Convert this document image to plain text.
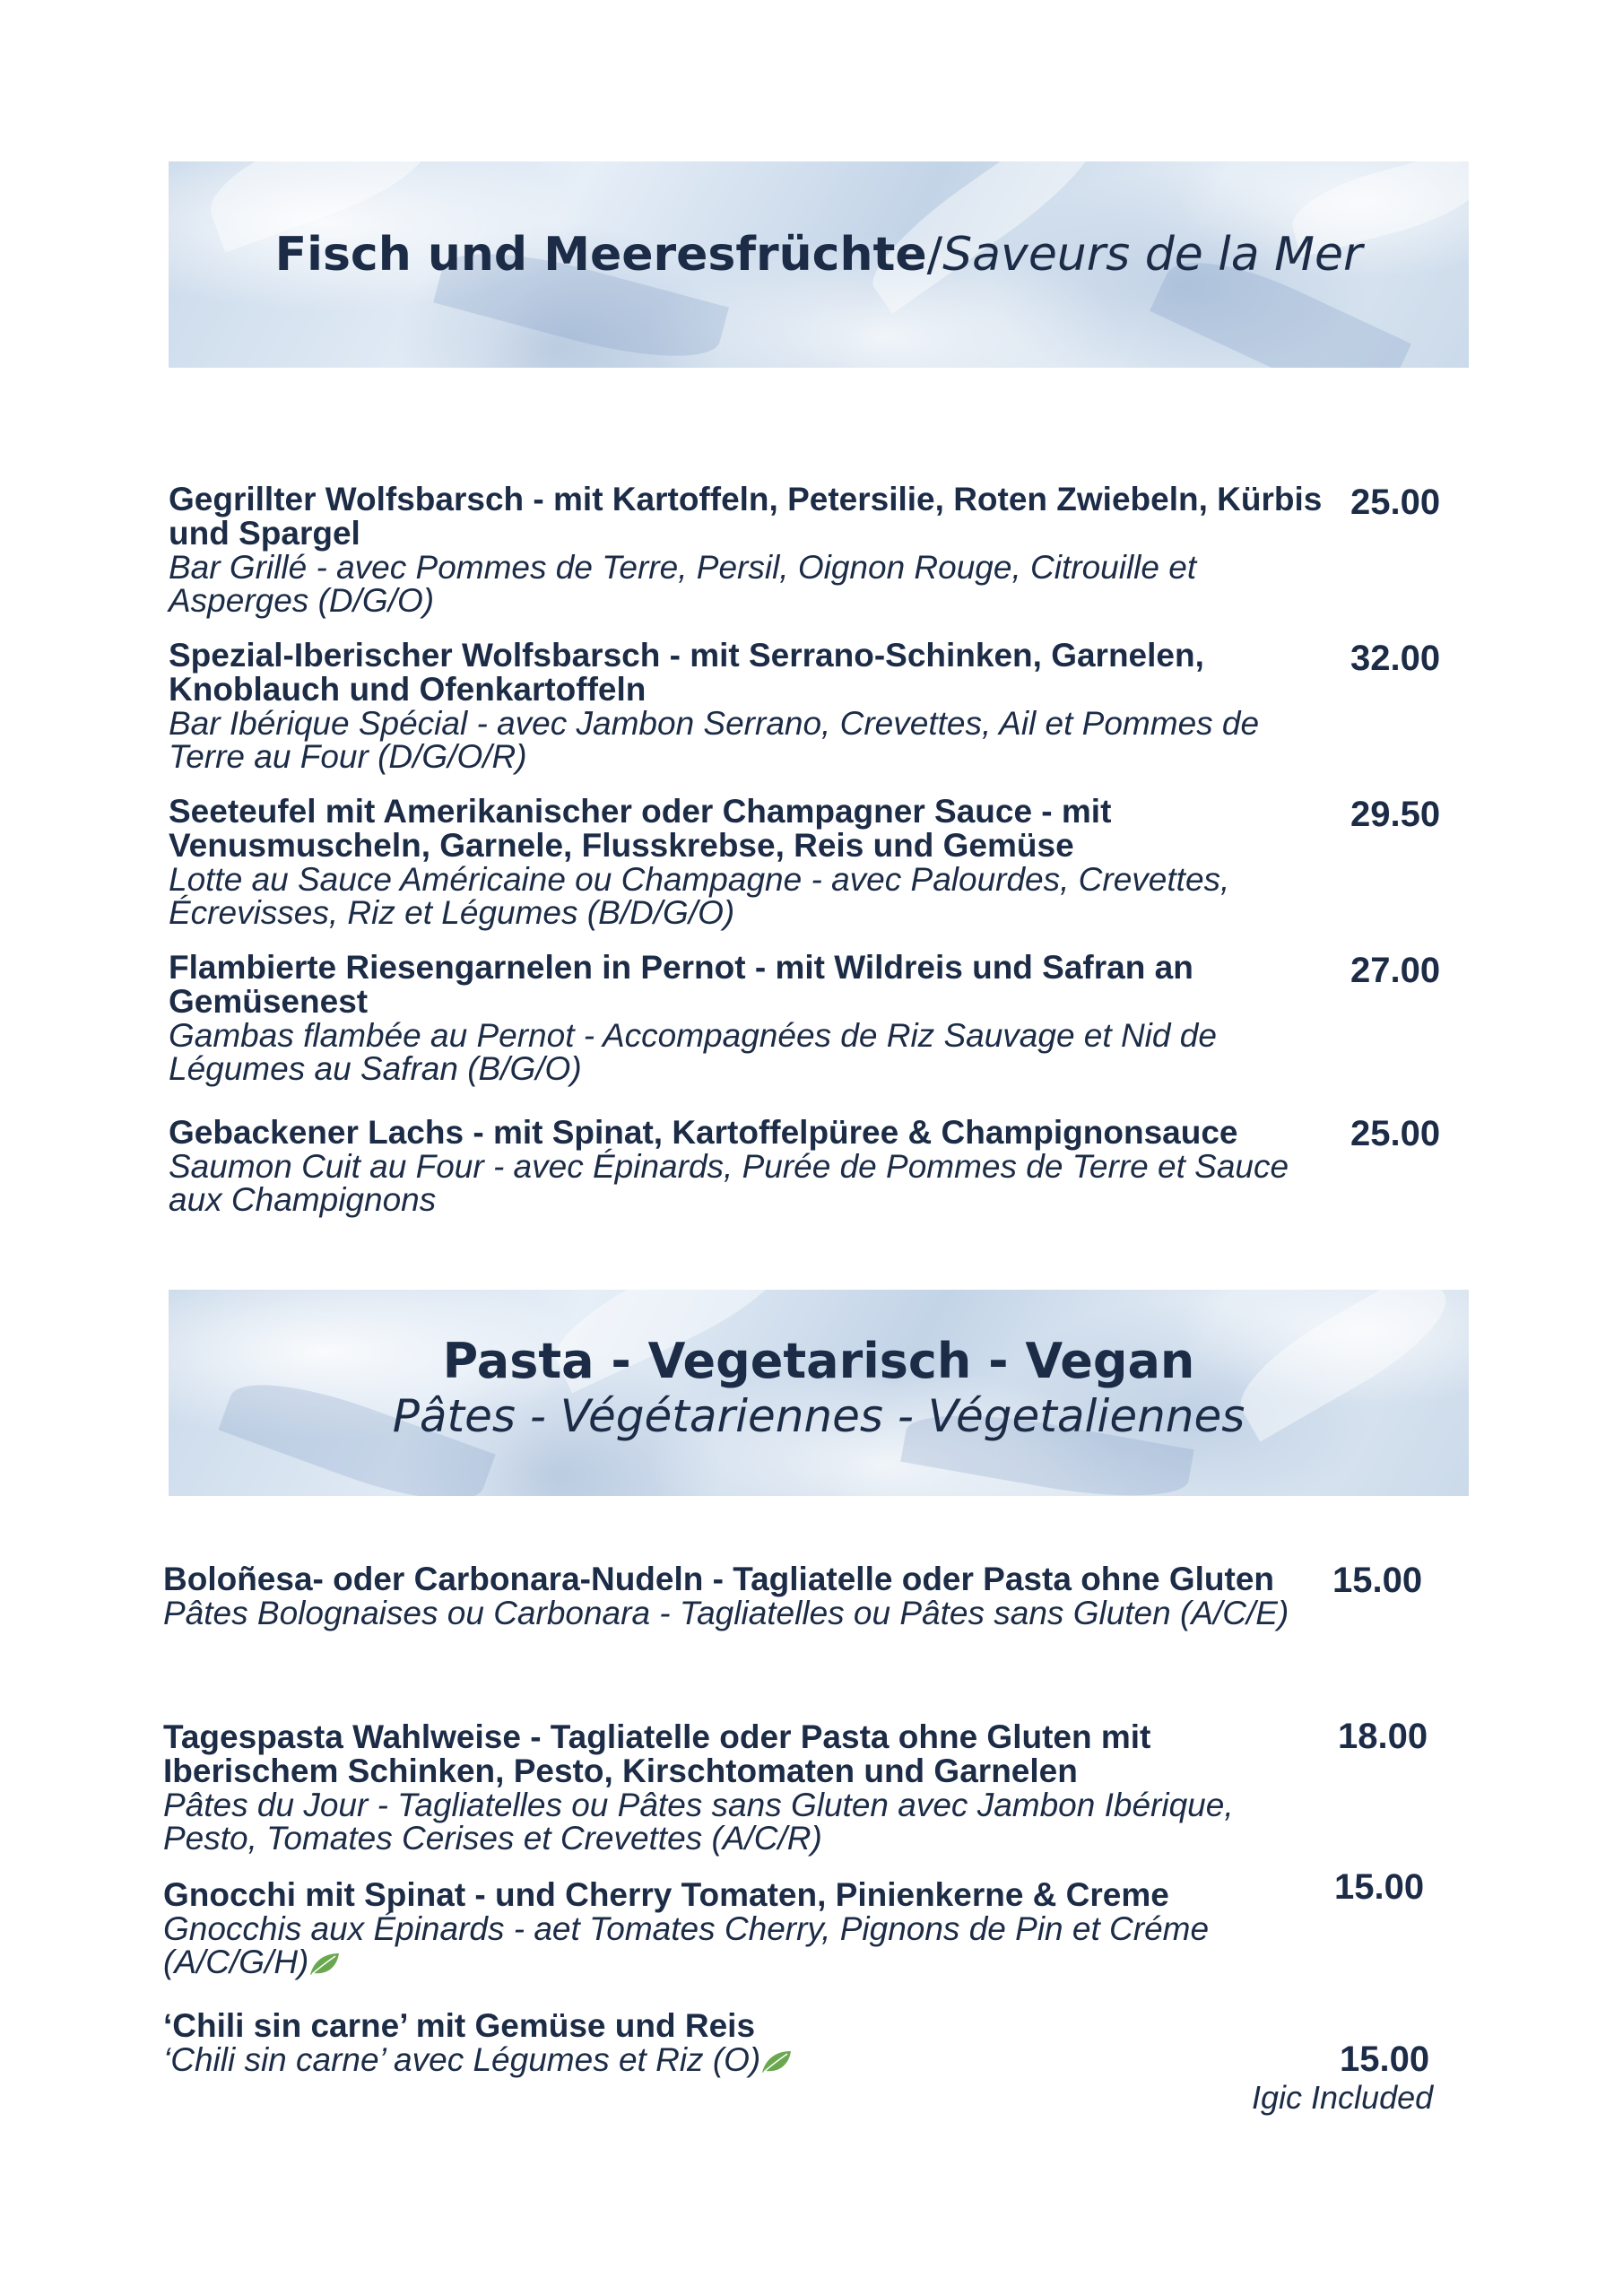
Fisch und Meeresfrüchte/Saveurs de la Mer
Gegrillter Wolfsbarsch - mit Kartoffeln, Petersilie, Roten Zwiebeln, Kürbis und Spargel
Bar Grillé - avec Pommes de Terre, Persil, Oignon Rouge, Citrouille et Asperges (D/G/O)
25.00
Spezial-Iberischer Wolfsbarsch - mit Serrano-Schinken, Garnelen, Knoblauch und Ofenkartoffeln
Bar Ibérique Spécial - avec Jambon Serrano, Crevettes, Ail et Pommes de Terre au Four (D/G/O/R)
32.00
Seeteufel mit Amerikanischer oder Champagner Sauce - mit Venusmuscheln, Garnele, Flusskrebse, Reis und Gemüse
Lotte au Sauce Américaine ou Champagne - avec Palourdes, Crevettes, Écrevisses, Riz et Légumes (B/D/G/O)
29.50
Flambierte Riesengarnelen in Pernot - mit Wildreis und Safran an Gemüsenest
Gambas flambée au Pernot - Accompagnées de Riz Sauvage et Nid de Légumes au Safran (B/G/O)
27.00
Gebackener Lachs - mit Spinat, Kartoffelpüree & Champignonsauce
Saumon Cuit au Four - avec Épinards, Purée de Pommes de Terre et Sauce aux Champignons
25.00
Pasta - Vegetarisch - Vegan
Pâtes - Végétariennes - Végetaliennes
Boloñesa- oder Carbonara-Nudeln - Tagliatelle oder Pasta ohne Gluten
Pâtes Bolognaises ou Carbonara - Tagliatelles ou Pâtes sans Gluten (A/C/E)
15.00
Tagespasta Wahlweise - Tagliatelle oder Pasta ohne Gluten mit Iberischem Schinken, Pesto, Kirschtomaten und Garnelen
Pâtes du Jour - Tagliatelles ou Pâtes sans Gluten avec Jambon Ibérique, Pesto, Tomates Cerises et Crevettes (A/C/R)
18.00
Gnocchi mit Spinat - und Cherry Tomaten, Pinienkerne & Creme
Gnocchis aux Épinards - aet Tomates Cherry, Pignons de Pin et Créme (A/C/G/H)
15.00
‘Chili sin carne’ mit Gemüse und Reis
‘Chili sin carne’ avec Légumes et Riz (O)	15.00
Igic Included
